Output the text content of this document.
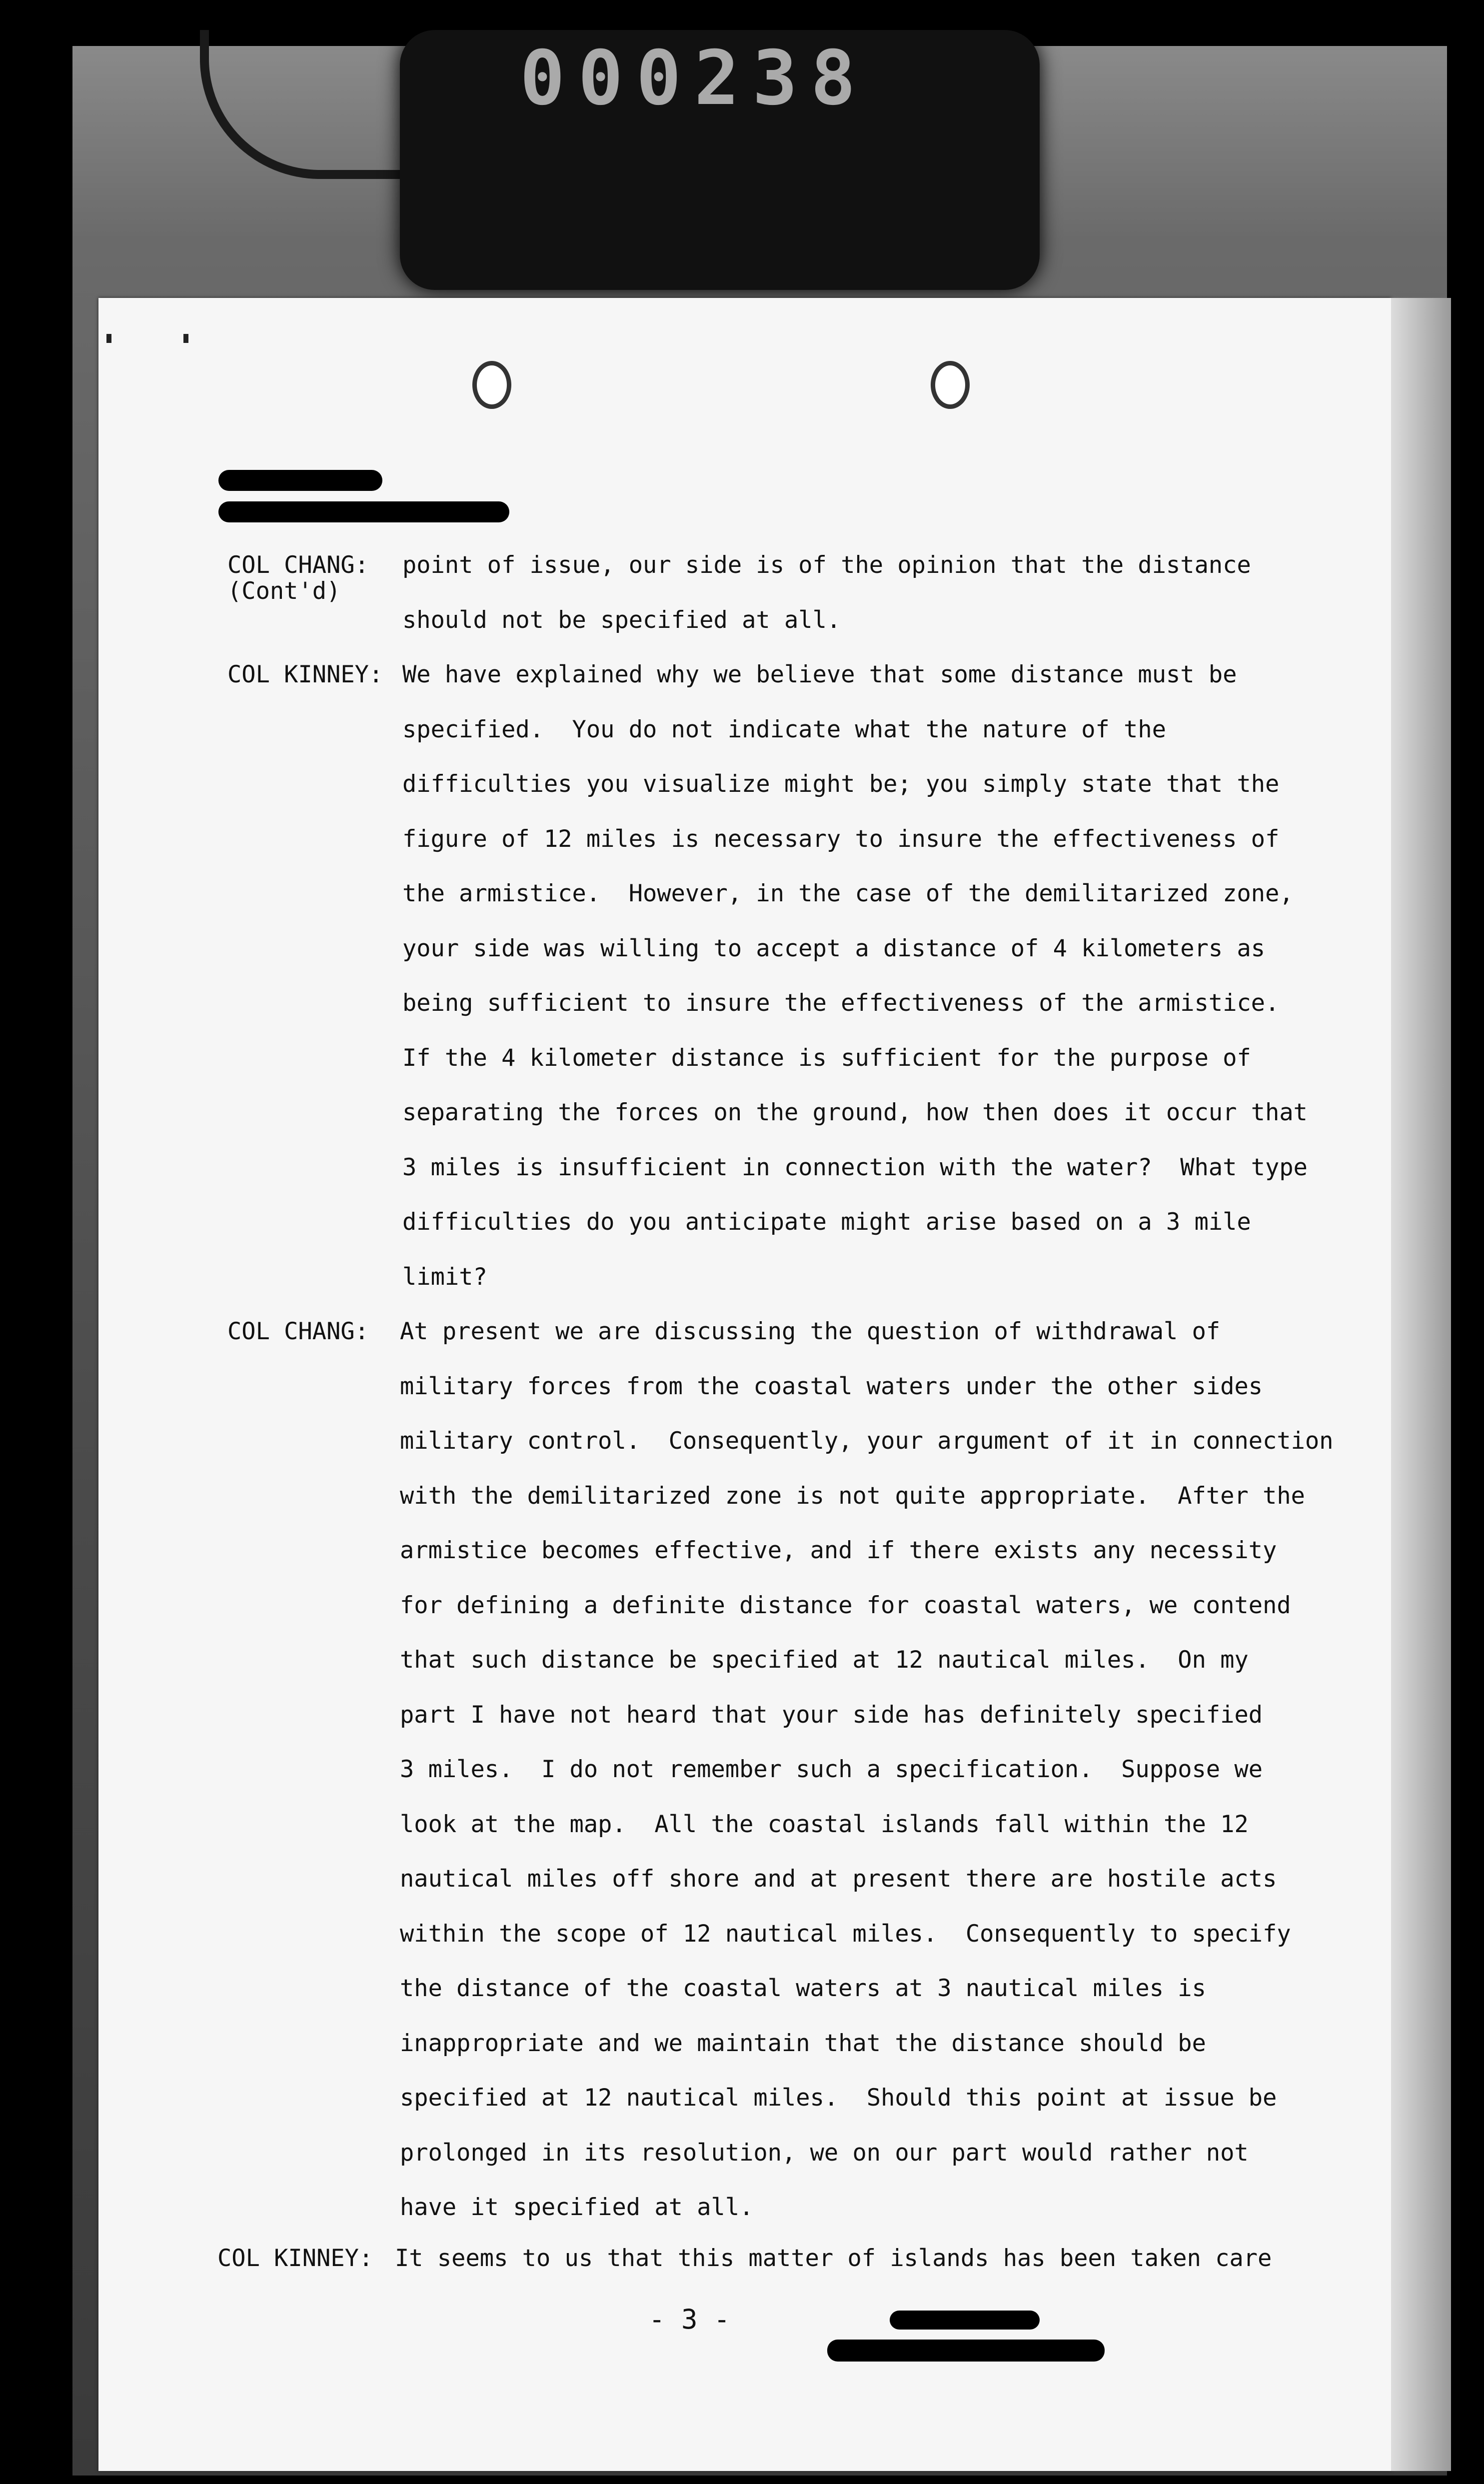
000238
COL CHANG:
(Cont'd)
point of issue, our side is of the opinion that the distance
should not be specified at all.
COL KINNEY: We have explained why we believe that some distance must be
specified.  You do not indicate what the nature of the
difficulties you visualize might be; you simply state that the
figure of 12 miles is necessary to insure the effectiveness of
the armistice.  However, in the case of the demilitarized zone,
your side was willing to accept a distance of 4 kilometers as
being sufficient to insure the effectiveness of the armistice.
If the 4 kilometer distance is sufficient for the purpose of
separating the forces on the ground, how then does it occur that
3 miles is insufficient in connection with the water?  What type
difficulties do you anticipate might arise based on a 3 mile
limit?
COL CHANG: At present we are discussing the question of withdrawal of
military forces from the coastal waters under the other sides
military control.  Consequently, your argument of it in connection
with the demilitarized zone is not quite appropriate.  After the
armistice becomes effective, and if there exists any necessity
for defining a definite distance for coastal waters, we contend
that such distance be specified at 12 nautical miles.  On my
part I have not heard that your side has definitely specified
3 miles.  I do not remember such a specification.  Suppose we
look at the map.  All the coastal islands fall within the 12
nautical miles off shore and at present there are hostile acts
within the scope of 12 nautical miles.  Consequently to specify
the distance of the coastal waters at 3 nautical miles is
inappropriate and we maintain that the distance should be
specified at 12 nautical miles.  Should this point at issue be
prolonged in its resolution, we on our part would rather not
have it specified at all.
COL KINNEY: It seems to us that this matter of islands has been taken care
- 3 -
